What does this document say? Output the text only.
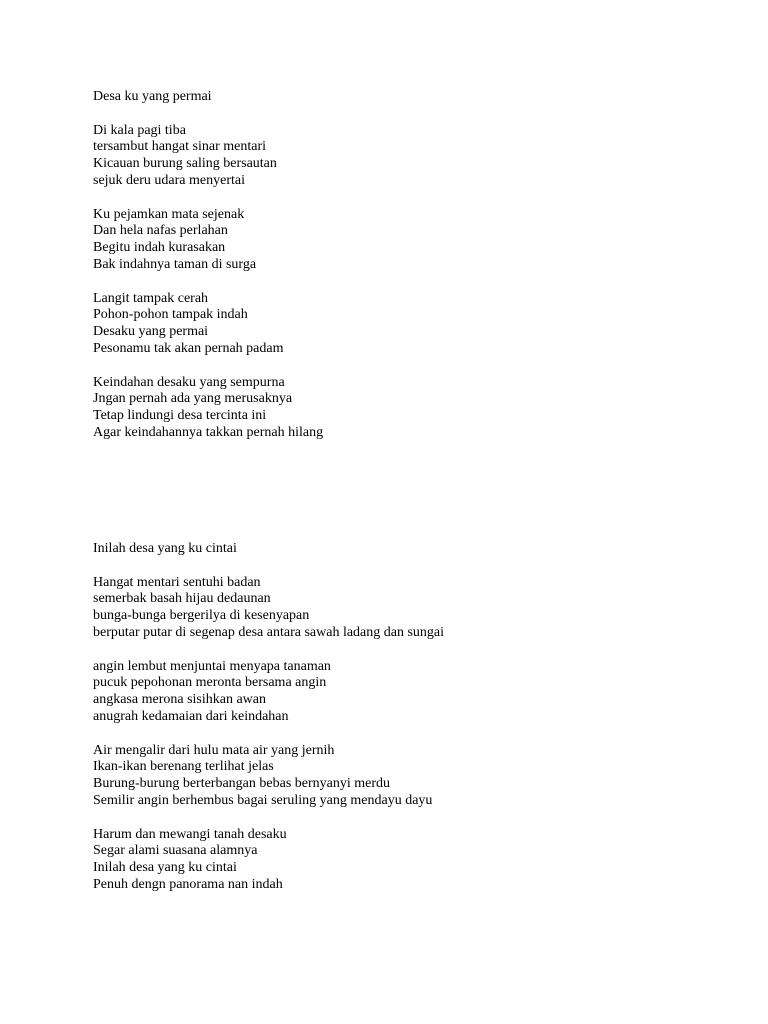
Desa ku yang permai

Di kala pagi tiba

tersambut hangat sinar mentari

Kicauan burung saling bersautan

sejuk deru udara menyertai

Ku pejamkan mata sejenak

Dan hela nafas perlahan

Begitu indah kurasakan

Bak indahnya taman di surga

Langit tampak cerah

Pohon-pohon tampak indah

Desaku yang permai

Pesonamu tak akan pernah padam

Keindahan desaku yang sempurna

Jngan pernah ada yang merusaknya

Tetap lindungi desa tercinta ini

Agar keindahannya takkan pernah hilang

Inilah desa yang ku cintai

Hangat mentari sentuhi badan

semerbak basah hijau dedaunan

bunga-bunga bergerilya di kesenyapan

berputar putar di segenap desa antara sawah ladang dan sungai

angin lembut menjuntai menyapa tanaman

pucuk pepohonan meronta bersama angin

angkasa merona sisihkan awan

anugrah kedamaian dari keindahan

Air mengalir dari hulu mata air yang jernih

Ikan-ikan berenang terlihat jelas

Burung-burung berterbangan bebas bernyanyi merdu

Semilir angin berhembus bagai seruling yang mendayu dayu

Harum dan mewangi tanah desaku

Segar alami suasana alamnya

Inilah desa yang ku cintai

Penuh dengn panorama nan indah
